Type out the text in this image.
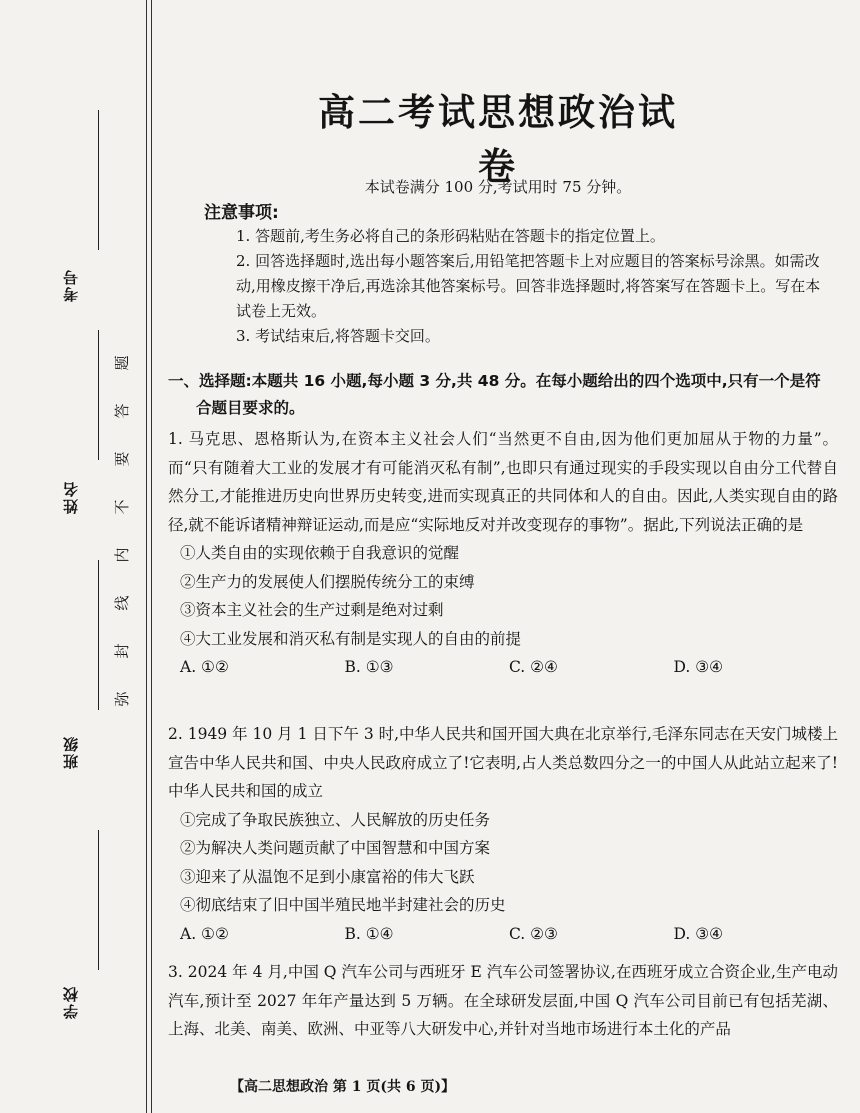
考号
姓名
班级
学校
弥
封
线
内
不
要
答
题
高二考试思想政治试卷
本试卷满分 100 分,考试用时 75 分钟。
注意事项:

1. 答题前,考生务必将自己的条形码粘贴在答题卡的指定位置上。

2. 回答选择题时,选出每小题答案后,用铅笔把答题卡上对应题目的答案标号涂黑。如需改动,用橡皮擦干净后,再选涂其他答案标号。回答非选择题时,将答案写在答题卡上。写在本试卷上无效。

3. 考试结束后,将答题卡交回。

一、选择题:本题共 16 小题,每小题 3 分,共 48 分。在每小题给出的四个选项中,只有一个是符
合题目要求的。

1. 马克思、恩格斯认为,在资本主义社会人们“当然更不自由,因为他们更加屈从于物的力量”。而“只有随着大工业的发展才有可能消灭私有制”,也即只有通过现实的手段实现以自由分工代替自然分工,才能推进历史向世界历史转变,进而实现真正的共同体和人的自由。因此,人类实现自由的路径,就不能诉诸精神辩证运动,而是应“实际地反对并改变现存的事物”。据此,下列说法正确的是

①人类自由的实现依赖于自我意识的觉醒

②生产力的发展使人们摆脱传统分工的束缚

③资本主义社会的生产过剩是绝对过剩

④大工业发展和消灭私有制是实现人的自由的前提

A. ①②	B. ①③	C. ②④	D. ③④

2. 1949 年 10 月 1 日下午 3 时,中华人民共和国开国大典在北京举行,毛泽东同志在天安门城楼上宣告中华人民共和国、中央人民政府成立了!它表明,占人类总数四分之一的中国人从此站立起来了!中华人民共和国的成立

①完成了争取民族独立、人民解放的历史任务

②为解决人类问题贡献了中国智慧和中国方案

③迎来了从温饱不足到小康富裕的伟大飞跃

④彻底结束了旧中国半殖民地半封建社会的历史

A. ①②	B. ①④	C. ②③	D. ③④

3. 2024 年 4 月,中国 Q 汽车公司与西班牙 E 汽车公司签署协议,在西班牙成立合资企业,生产电动汽车,预计至 2027 年年产量达到 5 万辆。在全球研发层面,中国 Q 汽车公司目前已有包括芜湖、上海、北美、南美、欧洲、中亚等八大研发中心,并针对当地市场进行本土化的产品

【高二思想政治 第 1 页(共 6 页)】
